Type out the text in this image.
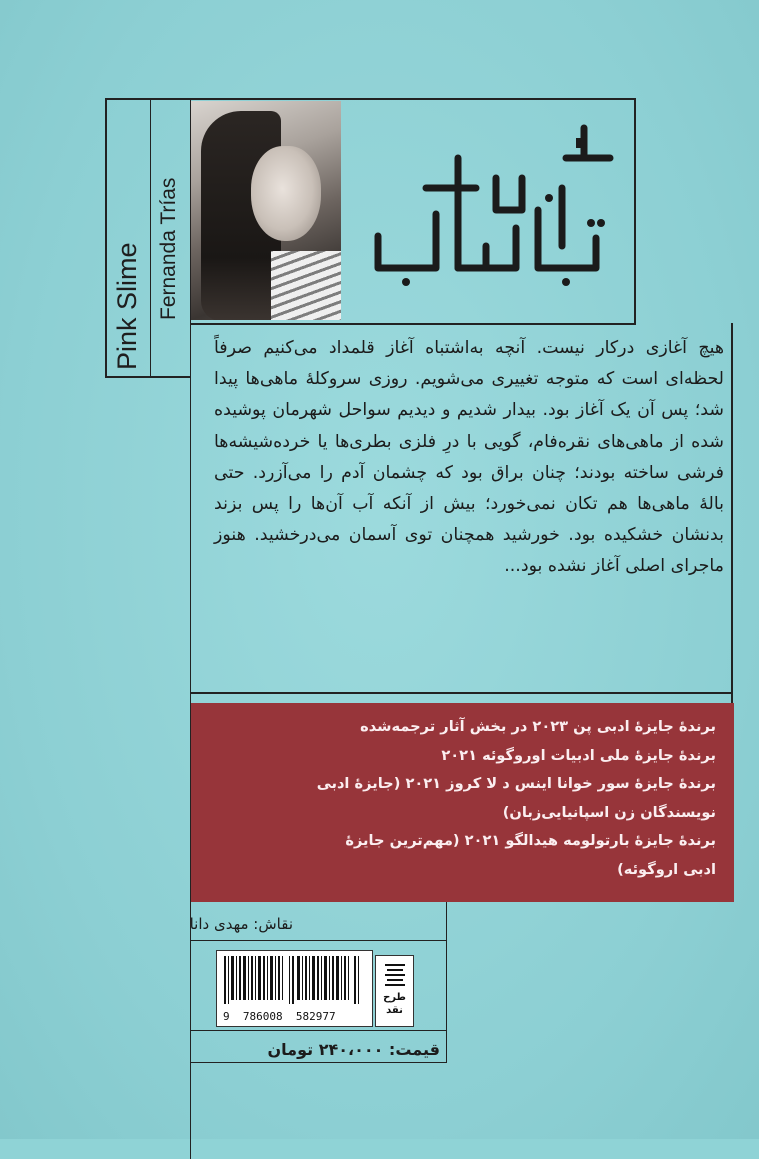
Pink Slime Fernanda Trías

هیچ آغازی درکار نیست. آنچه به‌اشتباه آغاز قلمداد می‌کنیم صرفاً لحظه‌ای است که متوجه تغییری می‌شویم. روزی سروکلهٔ ماهی‌ها پیدا شد؛ پس آن یک آغاز بود. بیدار شدیم و دیدیم سواحل شهرمان پوشیده شده از ماهی‌های نقره‌فام، گویی با درِ فلزی بطری‌ها یا خرده‌شیشه‌ها فرشی ساخته بودند؛ چنان براق بود که چشمان آدم را می‌آزرد. حتی بالهٔ ماهی‌ها هم تکان نمی‌خورد؛ بیش از آنکه آب آن‌ها را پس بزند بدنشان خشکیده بود. خورشید همچنان توی آسمان می‌درخشید. هنوز ماجرای اصلی آغاز نشده بود...

برندهٔ جایزهٔ ادبی پن ۲۰۲۳ در بخش آثار ترجمه‌شده
برندهٔ جایزهٔ ملی ادبیات اوروگوئه ۲۰۲۱
برندهٔ جایزهٔ سور خوانا اینس د لا کروز ۲۰۲۱ (جایزهٔ ادبی
نویسندگان زن اسپانیایی‌زبان)
برندهٔ جایزهٔ بارتولومه هیدالگو ۲۰۲۱ (مهم‌ترین جایزهٔ
ادبی اروگوئه)
نقاش: مهدی دانا
9  786008  582977
طرح نقد
قیمت: ۲۴۰،۰۰۰ تومان
